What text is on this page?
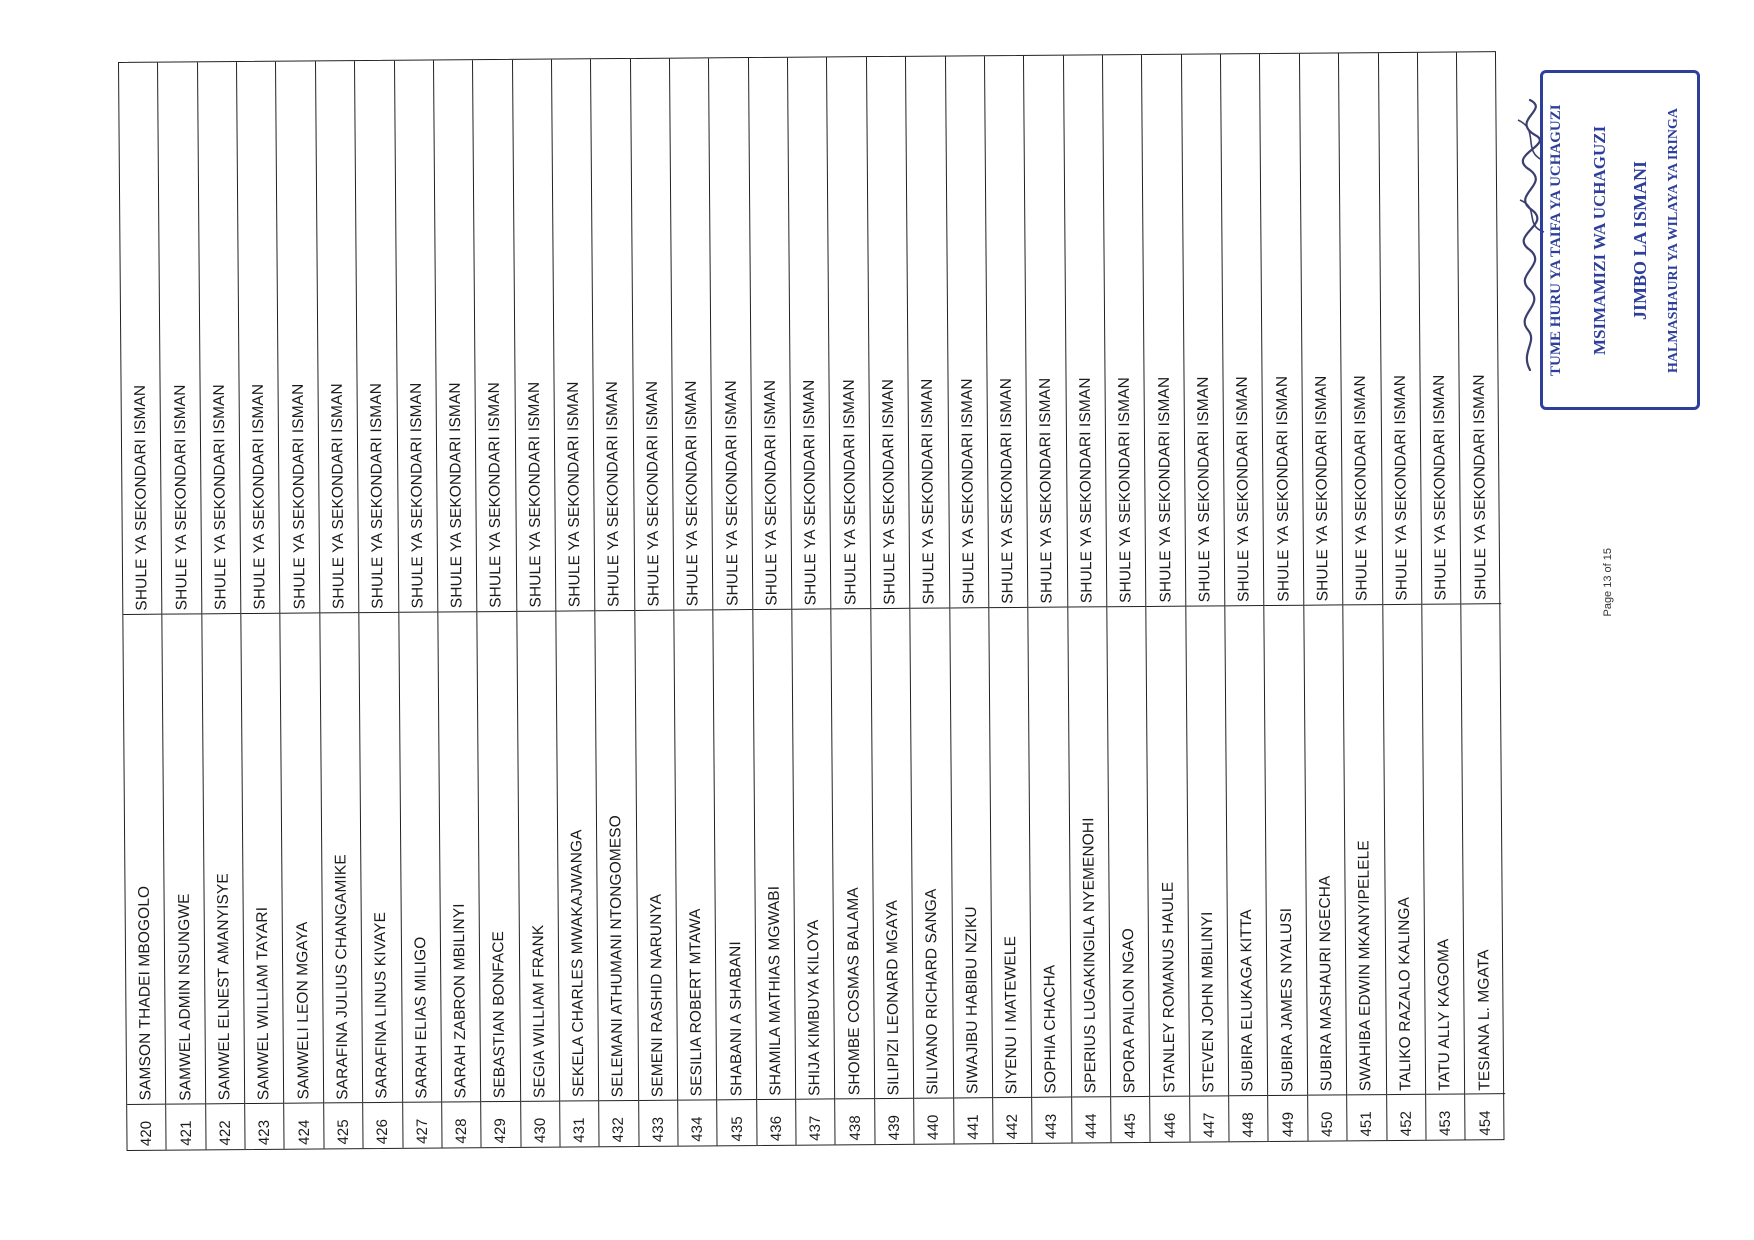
SHULE YA SEKONDARI ISMAN
SAMSON THADEI MBOGOLO
420
SHULE YA SEKONDARI ISMAN
SAMWEL ADMIN NSUNGWE
421
SHULE YA SEKONDARI ISMAN
SAMWEL ELNEST AMANYISYE
422
SHULE YA SEKONDARI ISMAN
SAMWEL WILLIAM TAYARI
423
SHULE YA SEKONDARI ISMAN
SAMWELI LEON MGAYA
424
SHULE YA SEKONDARI ISMAN
SARAFINA JULIUS CHANGAMIKE
425
SHULE YA SEKONDARI ISMAN
SARAFINA LINUS KIVAYE
426
SHULE YA SEKONDARI ISMAN
SARAH ELIAS MILIGO
427
SHULE YA SEKONDARI ISMAN
SARAH ZABRON MBILINYI
428
SHULE YA SEKONDARI ISMAN
SEBASTIAN BONFACE
429
SHULE YA SEKONDARI ISMAN
SEGIA WILLIAM FRANK
430
SHULE YA SEKONDARI ISMAN
SEKELA CHARLES MWAKAJWANGA
431
SHULE YA SEKONDARI ISMAN
SELEMANI ATHUMANI NTONGOMESO
432
SHULE YA SEKONDARI ISMAN
SEMENI RASHID NARUNYA
433
SHULE YA SEKONDARI ISMAN
SESILIA ROBERT MTAWA
434
SHULE YA SEKONDARI ISMAN
SHABANI A SHABANI
435
SHULE YA SEKONDARI ISMAN
SHAMILA MATHIAS MGWABI
436
SHULE YA SEKONDARI ISMAN
SHIJA KIMBUYA KILOYA
437
SHULE YA SEKONDARI ISMAN
SHOMBE COSMAS BALAMA
438
SHULE YA SEKONDARI ISMAN
SILIPIZI LEONARD MGAYA
439
SHULE YA SEKONDARI ISMAN
SILIVANO RICHARD SANGA
440
SHULE YA SEKONDARI ISMAN
SIWAJIBU HABIBU NZIKU
441
SHULE YA SEKONDARI ISMAN
SIYENU I MATEWELE
442
SHULE YA SEKONDARI ISMAN
SOPHIA CHACHA
443
SHULE YA SEKONDARI ISMAN
SPERIUS LUGAKINGILA NYEMENOHI
444
SHULE YA SEKONDARI ISMAN
SPORA PAILON NGAO
445
SHULE YA SEKONDARI ISMAN
STANLEY ROMANUS HAULE
446
SHULE YA SEKONDARI ISMAN
STEVEN JOHN MBILINYI
447
SHULE YA SEKONDARI ISMAN
SUBIRA ELUKAGA KITTA
448
SHULE YA SEKONDARI ISMAN
SUBIRA JAMES NYALUSI
449
SHULE YA SEKONDARI ISMAN
SUBIRA MASHAURI NGECHA
450
SHULE YA SEKONDARI ISMAN
SWAHIBA EDWIN MKANYIPELELE
451
SHULE YA SEKONDARI ISMAN
TALIKO RAZALO KALINGA
452
SHULE YA SEKONDARI ISMAN
TATU ALLY KAGOMA
453
SHULE YA SEKONDARI ISMAN
TESIANA L. MGATA
454
Page 13 of 15
TUME HURU YA TAIFA YA UCHAGUZI MSIMAMIZI WA UCHAGUZI JIMBO LA ISMANI HALMASHAURI YA WILAYA YA IRINGA
